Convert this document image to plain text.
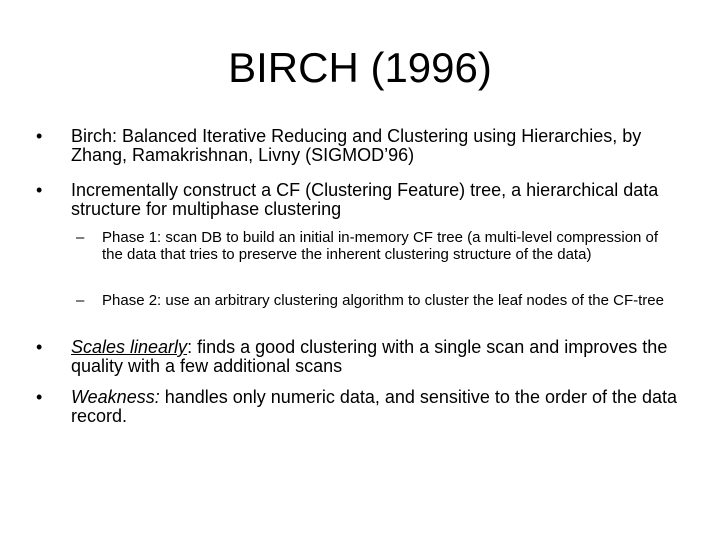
BIRCH (1996)
•	Birch: Balanced Iterative Reducing and Clustering using Hierarchies, by Zhang, Ramakrishnan, Livny (SIGMOD’96)
•	Incrementally construct a CF (Clustering Feature) tree, a hierarchical data structure for multiphase clustering
– Phase 1: scan DB to build an initial in-memory CF tree (a multi-level compression of the data that tries to preserve the inherent clustering structure of the data)
– Phase 2: use an arbitrary clustering algorithm to cluster the leaf nodes of the CF-tree
•	Scales linearly: finds a good clustering with a single scan and improves the quality with a few additional scans
•	Weakness: handles only numeric data, and sensitive to the order of the data record.
